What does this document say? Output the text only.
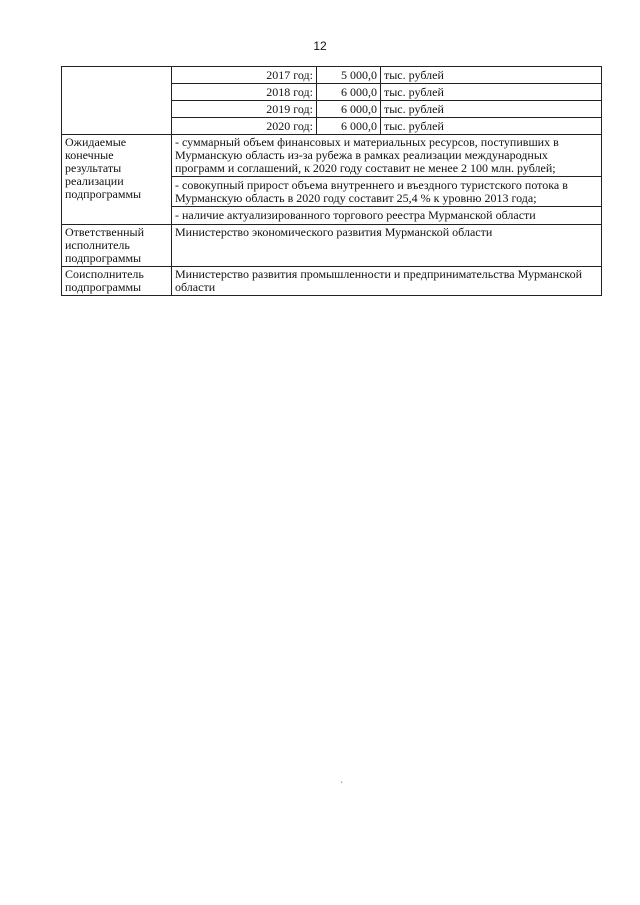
12
	2017 год:	5 000,0	тыс. рублей
	2018 год:	6 000,0	тыс. рублей
	2019 год:	6 000,0	тыс. рублей
	2020 год:	6 000,0	тыс. рублей
Ожидаемые конечные результаты реализации подпрограммы	- суммарный объем финансовых и материальных ресурсов, поступивших в Мурманскую область из-за рубежа в рамках реализации международных программ и соглашений, к 2020 году составит не менее 2 100 млн. рублей;
- совокупный прирост объема внутреннего и въездного туристского потока в Мурманскую область в 2020 году составит 25,4 % к уровню 2013 года;
- наличие актуализированного торгового реестра Мурманской области		

Ответственный исполнитель подпрограммы	Министерство экономического развития Мурманской области		
Соисполнитель подпрограммы	Министерство развития промышленности и предпринимательства Мурманской области		
`
